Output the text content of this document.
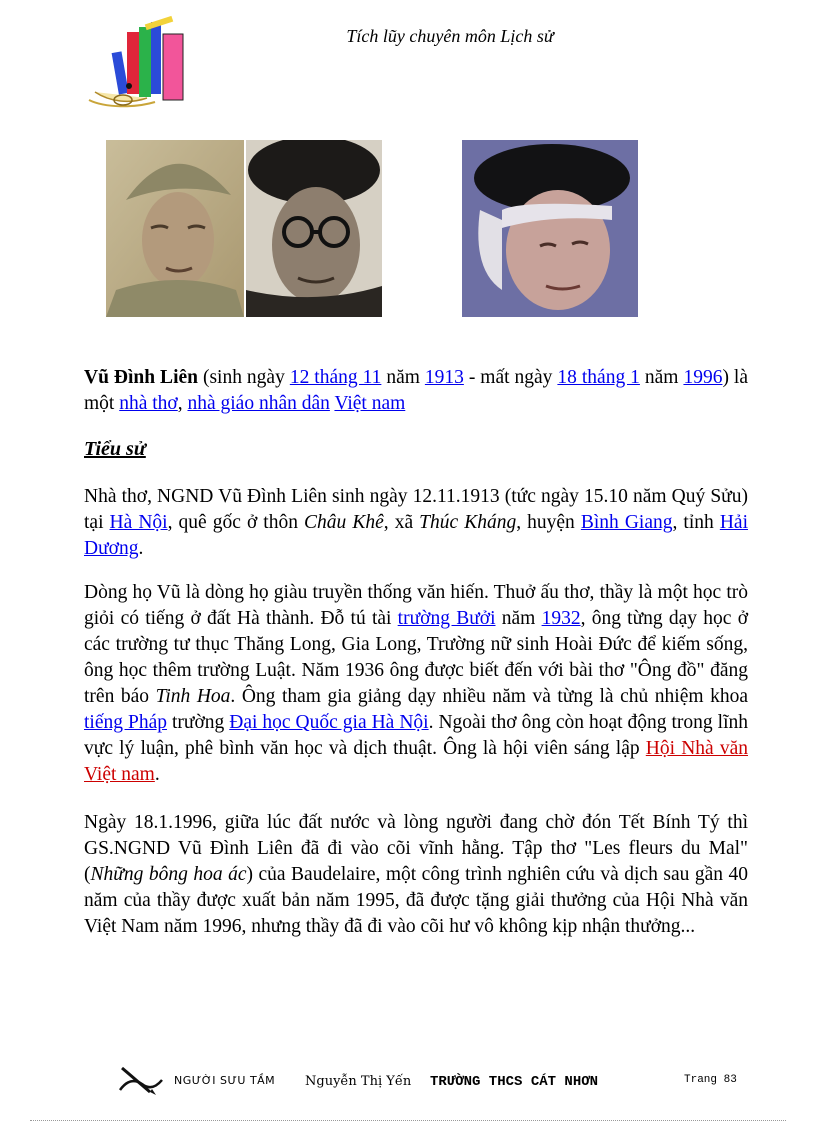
Tích lũy chuyên môn Lịch sử
Vũ Đình Liên (sinh ngày 12 tháng 11 năm 1913 - mất ngày 18 tháng 1 năm 1996) là một nhà thơ, nhà giáo nhân dân Việt nam
Tiểu sử
Nhà thơ, NGND Vũ Đình Liên sinh ngày 12.11.1913 (tức ngày 15.10 năm Quý Sửu) tại Hà Nội, quê gốc ở thôn Châu Khê, xã Thúc Kháng, huyện Bình Giang, tỉnh Hải Dương.
Dòng họ Vũ là dòng họ giàu truyền thống văn hiến. Thuở ấu thơ, thầy là một học trò giỏi có tiếng ở đất Hà thành. Đỗ tú tài trường Bưởi năm 1932, ông từng dạy học ở các trường tư thục Thăng Long, Gia Long, Trường nữ sinh Hoài Đức để kiếm sống, ông học thêm trường Luật. Năm 1936 ông được biết đến với bài thơ "Ông đồ" đăng trên báo Tinh Hoa. Ông tham gia giảng dạy nhiều năm và từng là chủ nhiệm khoa tiếng Pháp trường Đại học Quốc gia Hà Nội. Ngoài thơ ông còn hoạt động trong lĩnh vực lý luận, phê bình văn học và dịch thuật. Ông là hội viên sáng lập Hội Nhà văn Việt nam.
Ngày 18.1.1996, giữa lúc đất nước và lòng người đang chờ đón Tết Bính Tý thì GS.NGND Vũ Đình Liên đã đi vào cõi vĩnh hằng. Tập thơ "Les fleurs du Mal" (Những bông hoa ác) của Baudelaire, một công trình nghiên cứu và dịch sau gần 40 năm của thầy được xuất bản năm 1995, đã được tặng giải thưởng của Hội Nhà văn Việt Nam năm 1996, nhưng thầy đã đi vào cõi hư vô không kịp nhận thưởng...
NGƯỜI SƯU TẦM Nguyễn Thị Yến TRƯỜNG THCS CÁT NHƠN	Trang 83
